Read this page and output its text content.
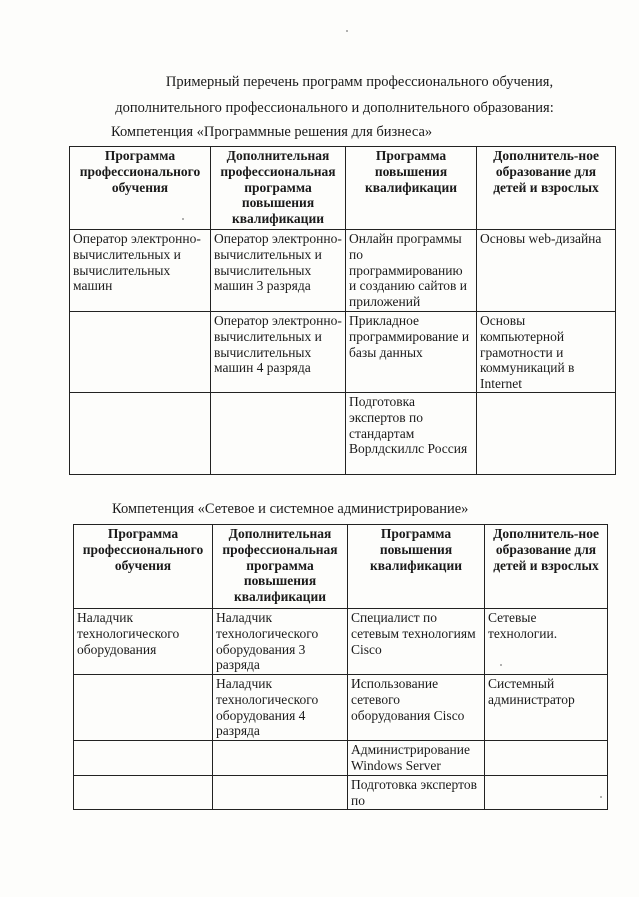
Примерный перечень программ профессионального обучения,
дополнительного профессионального и дополнительного образования:
Компетенция «Программные решения для бизнеса»
Программа профессионального обучения	Дополнительная профессиональная программа повышения квалификации	Программа повышения квалификации	Дополнитель-ное образование для детей и взрослых
Оператор электронно-вычислительных и вычислительных машин	Оператор электронно-вычислительных и вычислительных машин 3 разряда	Онлайн программы по программированию и созданию сайтов и приложений	Основы web-дизайна
	Оператор электронно-вычислительных и вычислительных машин 4 разряда	Прикладное программирование и базы данных	Основы компьютерной грамотности и коммуникаций в Internet
		Подготовка экспертов по стандартам Ворлдскиллс Россия	
Компетенция «Сетевое и системное администрирование»
Программа профессионального обучения	Дополнительная профессиональная программа повышения квалификации	Программа повышения квалификации	Дополнитель-ное образование для детей и взрослых
Наладчик технологического оборудования	Наладчик технологического оборудования 3 разряда	Специалист по сетевым технологиям Cisco	Сетевые технологии.
	Наладчик технологического оборудования 4 разряда	Использование сетевого оборудования Cisco	Системный администратор
		Администрирование Windows Server	
		Подготовка экспертов по	
